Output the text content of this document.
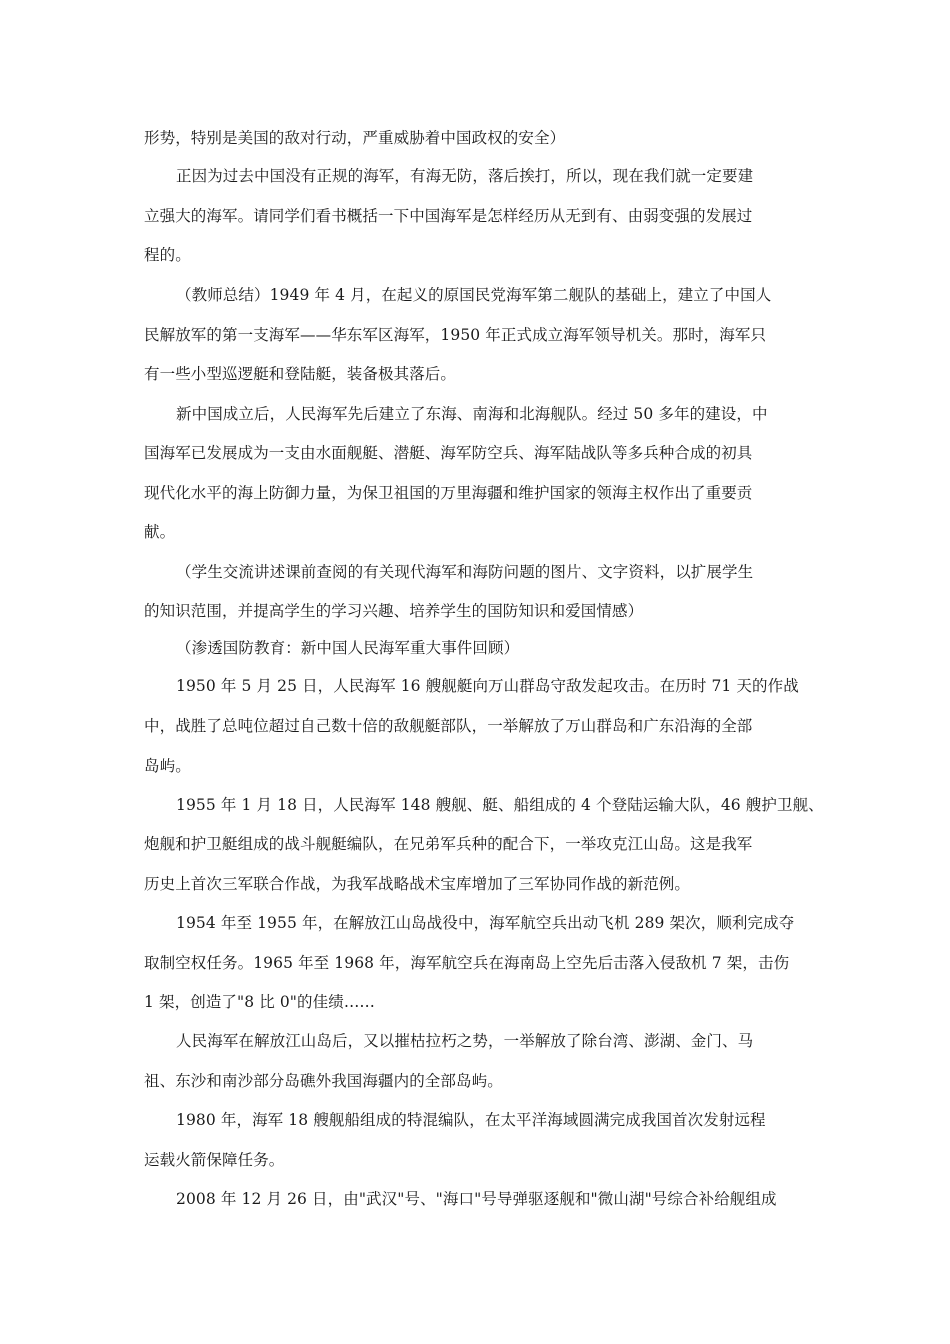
形势，特别是美国的敌对行动，严重威胁着中国政权的安全）
正因为过去中国没有正规的海军，有海无防，落后挨打，所以，现在我们就一定要建
立强大的海军。请同学们看书概括一下中国海军是怎样经历从无到有、由弱变强的发展过
程的。
（教师总结）1949 年 4 月，在起义的原国民党海军第二舰队的基础上，建立了中国人
民解放军的第一支海军——华东军区海军，1950 年正式成立海军领导机关。那时，海军只
有一些小型巡逻艇和登陆艇，装备极其落后。
新中国成立后，人民海军先后建立了东海、南海和北海舰队。经过 50 多年的建设，中
国海军已发展成为一支由水面舰艇、潜艇、海军防空兵、海军陆战队等多兵种合成的初具
现代化水平的海上防御力量，为保卫祖国的万里海疆和维护国家的领海主权作出了重要贡
献。
（学生交流讲述课前查阅的有关现代海军和海防问题的图片、文字资料，以扩展学生
的知识范围，并提高学生的学习兴趣、培养学生的国防知识和爱国情感）
（渗透国防教育：新中国人民海军重大事件回顾）
1950 年 5 月 25 日，人民海军 16 艘舰艇向万山群岛守敌发起攻击。在历时 71 天的作战
中，战胜了总吨位超过自己数十倍的敌舰艇部队，一举解放了万山群岛和广东沿海的全部
岛屿。
1955 年 1 月 18 日，人民海军 148 艘舰、艇、船组成的 4 个登陆运输大队，46 艘护卫舰、
炮舰和护卫艇组成的战斗舰艇编队，在兄弟军兵种的配合下，一举攻克江山岛。这是我军
历史上首次三军联合作战，为我军战略战术宝库增加了三军协同作战的新范例。
1954 年至 1955 年，在解放江山岛战役中，海军航空兵出动飞机 289 架次，顺利完成夺
取制空权任务。1965 年至 1968 年，海军航空兵在海南岛上空先后击落入侵敌机 7 架，击伤
1 架，创造了"8 比 0"的佳绩……
人民海军在解放江山岛后，又以摧枯拉朽之势，一举解放了除台湾、澎湖、金门、马
祖、东沙和南沙部分岛礁外我国海疆内的全部岛屿。
1980 年，海军 18 艘舰船组成的特混编队，在太平洋海域圆满完成我国首次发射远程
运载火箭保障任务。
2008 年 12 月 26 日，由"武汉"号、"海口"号导弹驱逐舰和"微山湖"号综合补给舰组成
